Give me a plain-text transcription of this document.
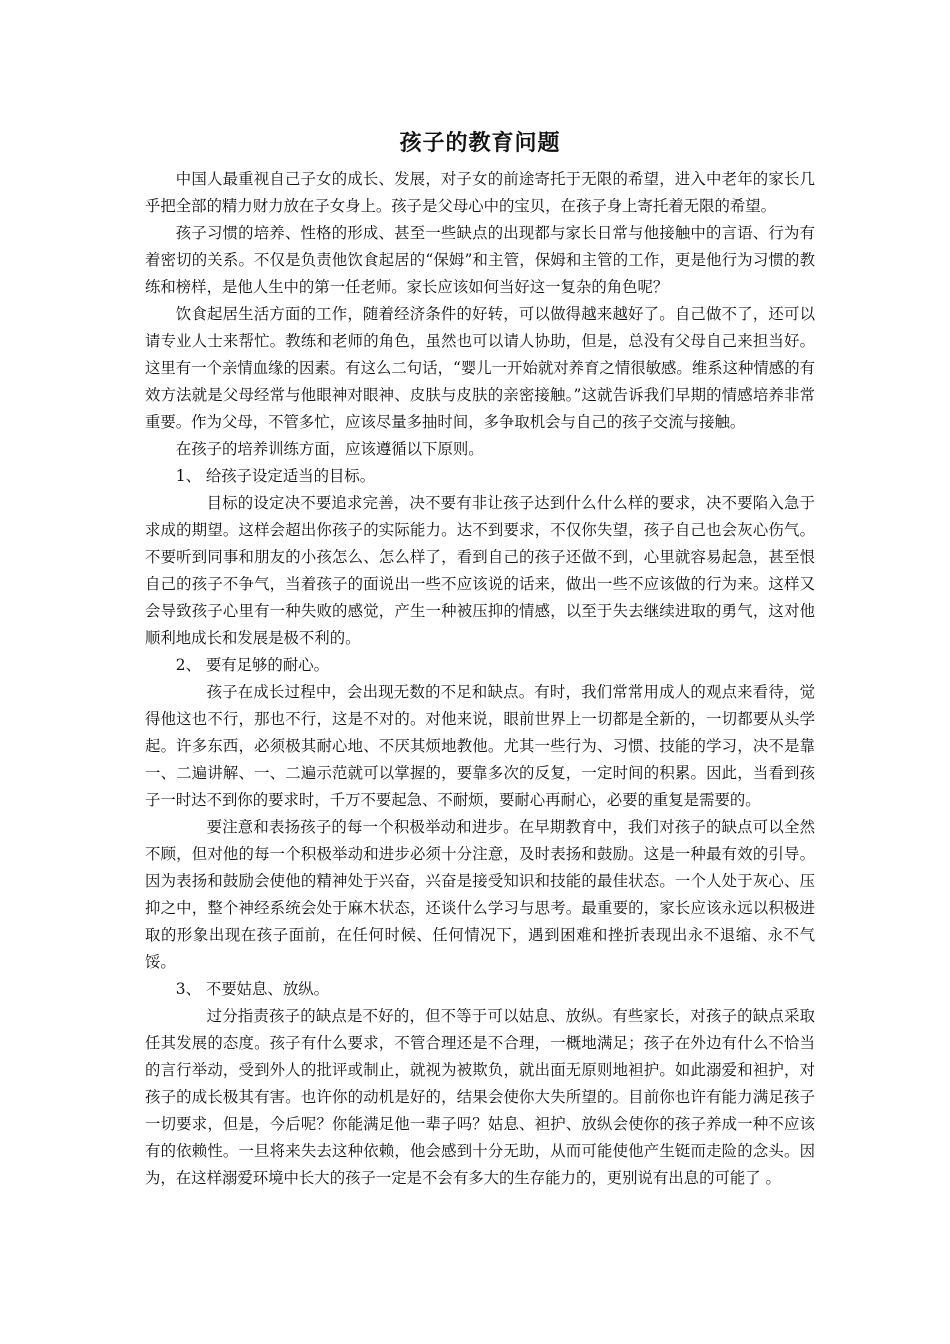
孩子的教育问题
中国人最重视自己子女的成长、发展，对子女的前途寄托于无限的希望，进入中老年的家长几乎把全部的精力财力放在子女身上。孩子是父母心中的宝贝，在孩子身上寄托着无限的希望。
孩子习惯的培养、性格的形成、甚至一些缺点的出现都与家长日常与他接触中的言语、行为有着密切的关系。不仅是负责他饮食起居的“保姆”和主管，保姆和主管的工作，更是他行为习惯的教练和榜样，是他人生中的第一任老师。家长应该如何当好这一复杂的角色呢？
饮食起居生活方面的工作，随着经济条件的好转，可以做得越来越好了。自己做不了，还可以请专业人士来帮忙。教练和老师的角色，虽然也可以请人协助，但是，总没有父母自己来担当好。这里有一个亲情血缘的因素。有这么二句话，“婴儿一开始就对养育之情很敏感。维系这种情感的有效方法就是父母经常与他眼神对眼神、皮肤与皮肤的亲密接触。”这就告诉我们早期的情感培养非常重要。作为父母，不管多忙，应该尽量多抽时间，多争取机会与自己的孩子交流与接触。
在孩子的培养训练方面，应该遵循以下原则。
1、 给孩子设定适当的目标。
目标的设定决不要追求完善，决不要有非让孩子达到什么什么样的要求，决不要陷入急于求成的期望。这样会超出你孩子的实际能力。达不到要求，不仅你失望，孩子自己也会灰心伤气。不要听到同事和朋友的小孩怎么、怎么样了，看到自己的孩子还做不到，心里就容易起急，甚至恨自己的孩子不争气，当着孩子的面说出一些不应该说的话来，做出一些不应该做的行为来。这样又会导致孩子心里有一种失败的感觉，产生一种被压抑的情感，以至于失去继续进取的勇气，这对他顺利地成长和发展是极不利的。
2、 要有足够的耐心。
孩子在成长过程中，会出现无数的不足和缺点。有时，我们常常用成人的观点来看待，觉得他这也不行，那也不行，这是不对的。对他来说，眼前世界上一切都是全新的，一切都要从头学起。许多东西，必须极其耐心地、不厌其烦地教他。尤其一些行为、习惯、技能的学习，决不是靠一、二遍讲解、一、二遍示范就可以掌握的，要靠多次的反复，一定时间的积累。因此，当看到孩子一时达不到你的要求时，千万不要起急、不耐烦，要耐心再耐心，必要的重复是需要的。
要注意和表扬孩子的每一个积极举动和进步。在早期教育中，我们对孩子的缺点可以全然不顾，但对他的每一个积极举动和进步必须十分注意，及时表扬和鼓励。这是一种最有效的引导。因为表扬和鼓励会使他的精神处于兴奋，兴奋是接受知识和技能的最佳状态。一个人处于灰心、压抑之中，整个神经系统会处于麻木状态，还谈什么学习与思考。最重要的，家长应该永远以积极进取的形象出现在孩子面前，在任何时候、任何情况下，遇到困难和挫折表现出永不退缩、永不气馁。
3、 不要姑息、放纵。
过分指责孩子的缺点是不好的，但不等于可以姑息、放纵。有些家长，对孩子的缺点采取任其发展的态度。孩子有什么要求，不管合理还是不合理，一概地满足；孩子在外边有什么不恰当的言行举动，受到外人的批评或制止，就视为被欺负，就出面无原则地袒护。如此溺爱和袒护，对孩子的成长极其有害。也许你的动机是好的，结果会使你大失所望的。目前你也许有能力满足孩子一切要求，但是，今后呢？你能满足他一辈子吗？姑息、袒护、放纵会使你的孩子养成一种不应该有的依赖性。一旦将来失去这种依赖，他会感到十分无助，从而可能使他产生铤而走险的念头。因为，在这样溺爱环境中长大的孩子一定是不会有多大的生存能力的，更别说有出息的可能了 。
